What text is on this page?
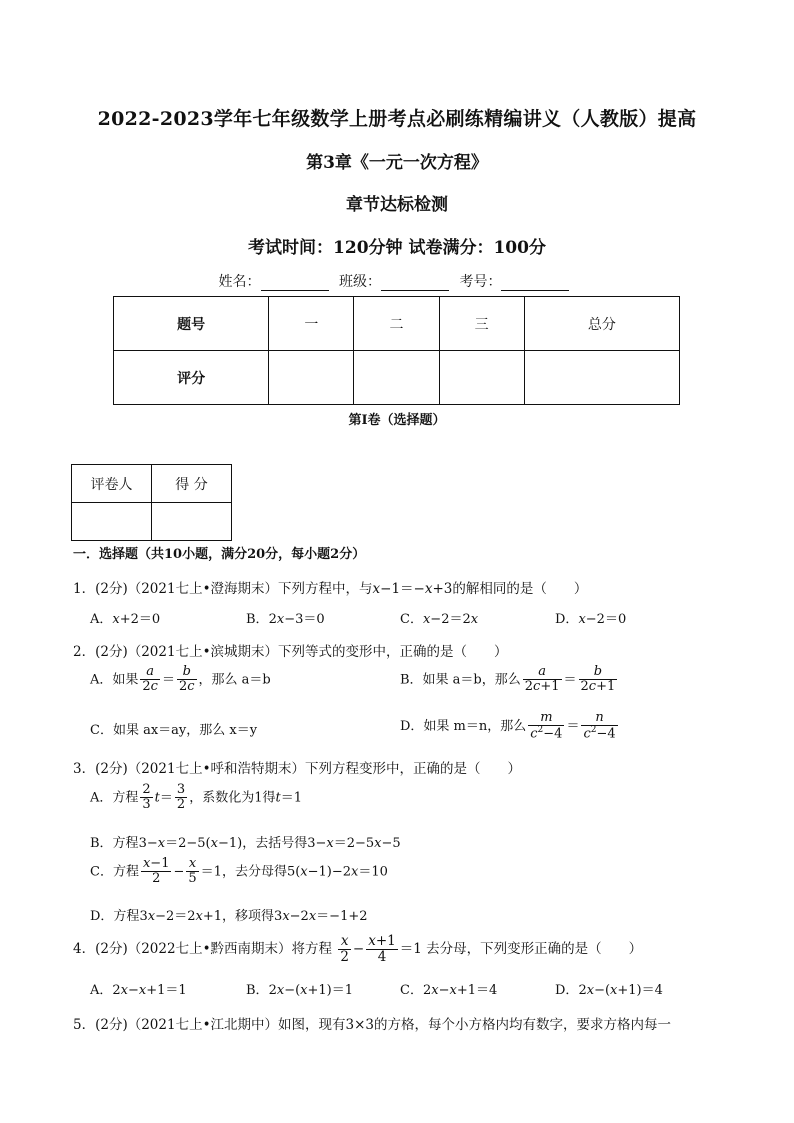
2022-2023学年七年级数学上册考点必刷练精编讲义（人教版）提高
第3章《一元一次方程》
章节达标检测
考试时间：120分钟 试卷满分：100分
姓名：	班级：	考号：
题号	一	二	三	总分
评分				
第Ⅰ卷（选择题）
评卷人	得 分

一．选择题（共10小题，满分20分，每小题2分）
1．(2分)（2021七上•澄海期末）下列方程中，与x−1＝−x+3的解相同的是（　　）
A．x+2＝0	B．2x−3＝0	C．x−2＝2x	D．x−2＝0
2．(2分)（2021七上•滨城期末）下列等式的变形中，正确的是（　　）
A．如果 $\frac{a}{2c} = \frac{b}{2c}$ ，那么 a＝b	B．如果 a＝b，那么 $\frac{a}{2c+1} = \frac{b}{2c+1}$
C．如果 ax＝ay，那么 x＝y	D．如果 m＝n，那么 $\frac{m}{c^2-4} = \frac{n}{c^2-4}$
3．(2分)（2021七上•呼和浩特期末）下列方程变形中，正确的是（　　）
A．方程 $\frac{2}{3} t= \frac{3}{2}$ ，系数化为1得t＝1
B．方程3−x＝2−5(x−1)，去括号得3−x＝2−5x−5
C．方程 $\frac{x-1}{2} - \frac{x}{5} =1$，去分母得5(x−1)−2x＝10
D．方程3x−2＝2x+1，移项得3x−2x＝−1+2
4．(2分)（2022七上•黔西南期末）将方程 $\frac{x}{2} - \frac{x+1}{4} =1$ 去分母，下列变形正确的是（　　）
A．2x−x+1＝1	B．2x−(x+1)＝1	C．2x−x+1＝4	D．2x−(x+1)＝4
5．(2分)（2021七上•江北期中）如图，现有3×3的方格，每个小方格内均有数字，要求方格内每一
